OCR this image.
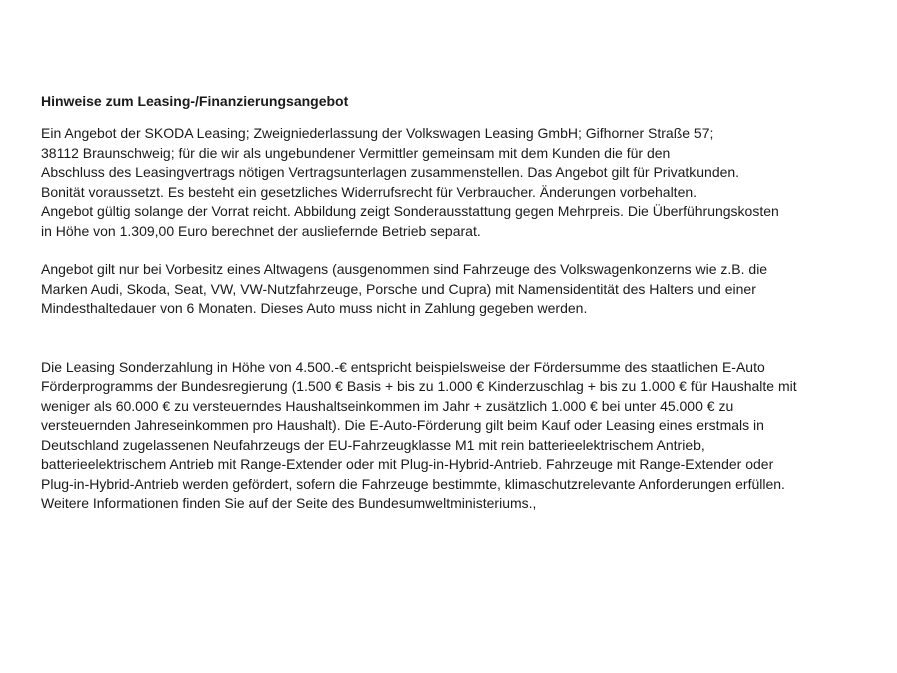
Hinweise zum Leasing-/Finanzierungsangebot

Ein Angebot der SKODA Leasing; Zweigniederlassung der Volkswagen Leasing GmbH; Gifhorner Straße 57;
38112 Braunschweig; für die wir als ungebundener Vermittler gemeinsam mit dem Kunden die für den
Abschluss des Leasingvertrags nötigen Vertragsunterlagen zusammenstellen. Das Angebot gilt für Privatkunden.
Bonität voraussetzt. Es besteht ein gesetzliches Widerrufsrecht für Verbraucher. Änderungen vorbehalten.
Angebot gültig solange der Vorrat reicht. Abbildung zeigt Sonderausstattung gegen Mehrpreis. Die Überführungskosten
in Höhe von 1.309,00 Euro berechnet der ausliefernde Betrieb separat.

Angebot gilt nur bei Vorbesitz eines Altwagens (ausgenommen sind Fahrzeuge des Volkswagenkonzerns wie z.B. die
Marken Audi, Skoda, Seat, VW, VW-Nutzfahrzeuge, Porsche und Cupra) mit Namensidentität des Halters und einer
Mindesthaltedauer von 6 Monaten. Dieses Auto muss nicht in Zahlung gegeben werden.

Die Leasing Sonderzahlung in Höhe von 4.500.-€ entspricht beispielsweise der Fördersumme des staatlichen E-Auto
Förderprogramms der Bundesregierung (1.500 € Basis + bis zu 1.000 € Kinderzuschlag + bis zu 1.000 € für Haushalte mit
weniger als 60.000 € zu versteuerndes Haushaltseinkommen im Jahr + zusätzlich 1.000 € bei unter 45.000 € zu
versteuernden Jahreseinkommen pro Haushalt). Die E-Auto-Förderung gilt beim Kauf oder Leasing eines erstmals in
Deutschland zugelassenen Neufahrzeugs der EU-Fahrzeugklasse M1 mit rein batterieelektrischem Antrieb,
batterieelektrischem Antrieb mit Range-Extender oder mit Plug-in-Hybrid-Antrieb. Fahrzeuge mit Range-Extender oder
Plug-in-Hybrid-Antrieb werden gefördert, sofern die Fahrzeuge bestimmte, klimaschutzrelevante Anforderungen erfüllen.
Weitere Informationen finden Sie auf der Seite des Bundesumweltministeriums.,
